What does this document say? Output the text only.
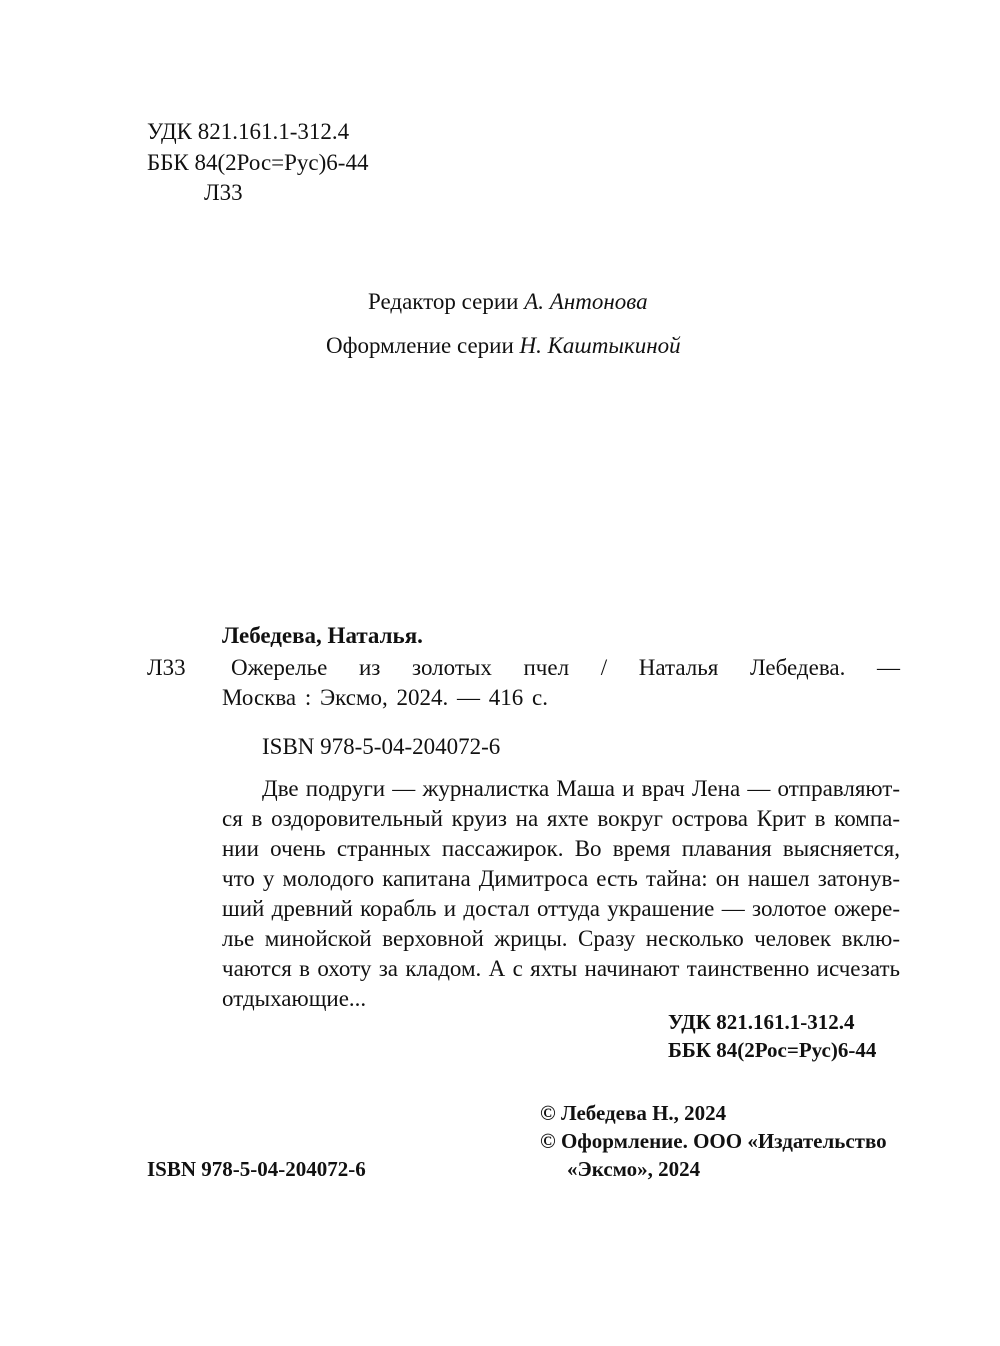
УДК 821.161.1-312.4
ББК 84(2Рос=Рус)6-44
Л33
Редактор серии А. Антонова
Оформление серии Н. Каштыкиной
Лебедева, Наталья.
Л33 Ожерелье из золотых пчел / Наталья Лебедева. —
Москва : Эксмо, 2024. — 416 с.
ISBN 978-5-04-204072-6
Две подруги — журналистка Маша и врач Лена — отправляют-
ся в оздоровительный круиз на яхте вокруг острова Крит в компа-
нии очень странных пассажирок. Во время плавания выясняется,
что у молодого капитана Димитроса есть тайна: он нашел затонув-
ший древний корабль и достал оттуда украшение — золотое ожере-
лье минойской верховной жрицы. Сразу несколько человек вклю-
чаются в охоту за кладом. А с яхты начинают таинственно исчезать
отдыхающие...
УДК 821.161.1-312.4
ББК 84(2Рос=Рус)6-44
© Лебедева Н., 2024
© Оформление. ООО «Издательство
«Эксмо», 2024
ISBN 978-5-04-204072-6
